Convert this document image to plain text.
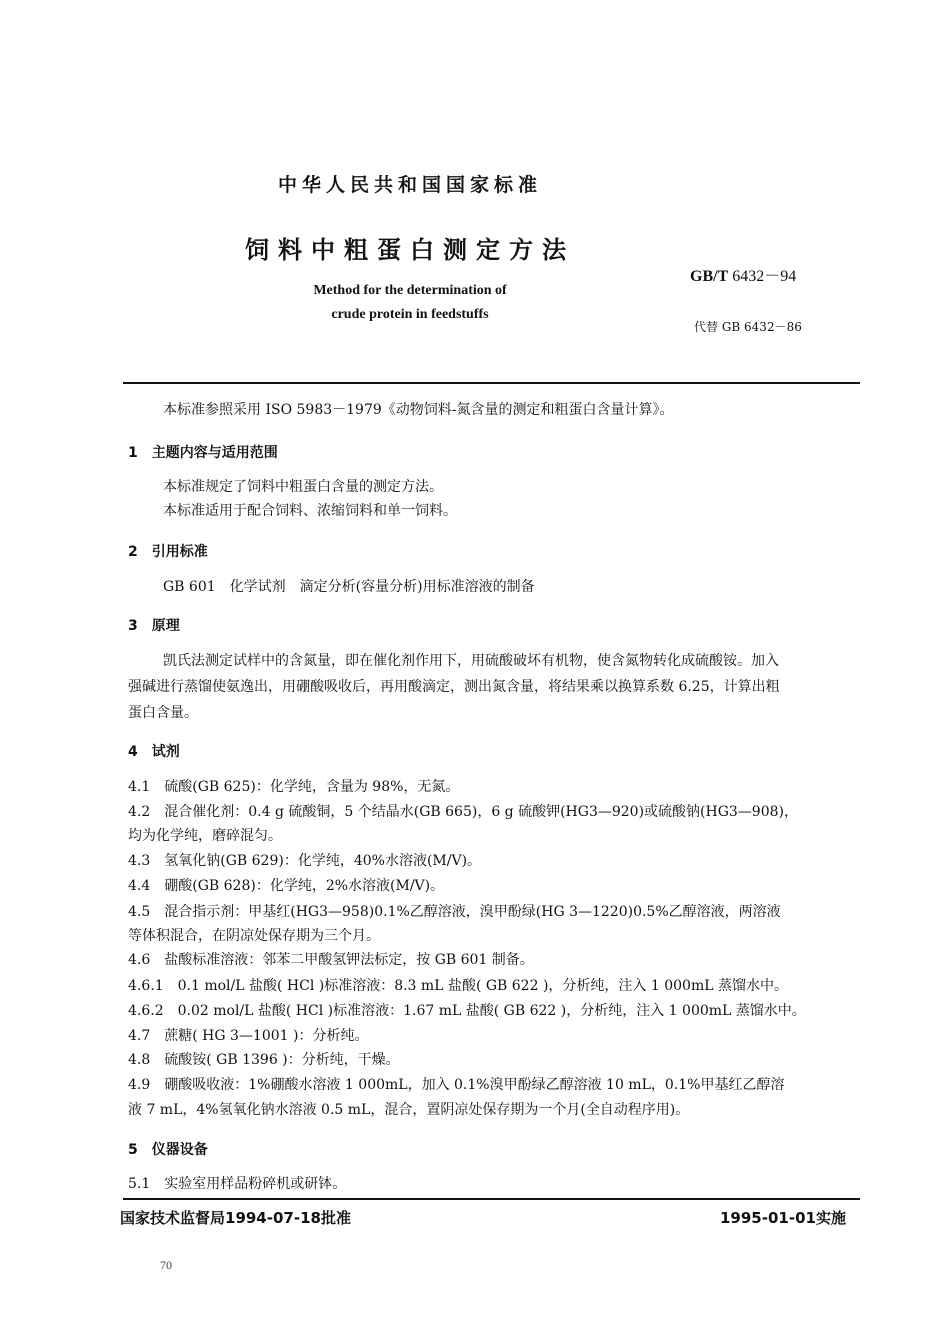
中华人民共和国国家标准
饲料中粗蛋白测定方法
Method for the determination of
crude protein in feedstuffs
GB/T 6432－94
代替 GB 6432－86
本标准参照采用 ISO 5983－1979《动物饲料-氮含量的测定和粗蛋白含量计算》。
1　主题内容与适用范围
本标准规定了饲料中粗蛋白含量的测定方法。
本标准适用于配合饲料、浓缩饲料和单一饲料。
2　引用标准
GB 601　化学试剂　滴定分析(容量分析)用标准溶液的制备
3　原理
凯氏法测定试样中的含氮量，即在催化剂作用下，用硫酸破坏有机物，使含氮物转化成硫酸铵。加入
强碱进行蒸馏使氨逸出，用硼酸吸收后，再用酸滴定，测出氮含量，将结果乘以换算系数 6.25，计算出粗
蛋白含量。
4　试剂
4.1　硫酸(GB 625)：化学纯，含量为 98%，无氮。
4.2　混合催化剂：0.4 g 硫酸铜，5 个结晶水(GB 665)，6 g 硫酸钾(HG3—920)或硫酸钠(HG3—908)，
均为化学纯，磨碎混匀。
4.3　氢氧化钠(GB 629)：化学纯，40%水溶液(M/V)。
4.4　硼酸(GB 628)：化学纯，2%水溶液(M/V)。
4.5　混合指示剂：甲基红(HG3—958)0.1%乙醇溶液，溴甲酚绿(HG 3—1220)0.5%乙醇溶液，两溶液
等体积混合，在阴凉处保存期为三个月。
4.6　盐酸标准溶液：邻苯二甲酸氢钾法标定，按 GB 601 制备。
4.6.1　0.1 mol/L 盐酸( HCl )标准溶液：8.3 mL 盐酸( GB 622 )，分析纯，注入 1 000mL 蒸馏水中。
4.6.2　0.02 mol/L 盐酸( HCl )标准溶液：1.67 mL 盐酸( GB 622 )，分析纯，注入 1 000mL 蒸馏水中。
4.7　蔗糖( HG 3—1001 )：分析纯。
4.8　硫酸铵( GB 1396 )：分析纯，干燥。
4.9　硼酸吸收液：1%硼酸水溶液 1 000mL，加入 0.1%溴甲酚绿乙醇溶液 10 mL，0.1%甲基红乙醇溶
液 7 mL，4%氢氧化钠水溶液 0.5 mL，混合，置阴凉处保存期为一个月(全自动程序用)。
5　仪器设备
5.1　实验室用样品粉碎机或研钵。
国家技术监督局1994-07-18批准	1995-01-01实施
70
